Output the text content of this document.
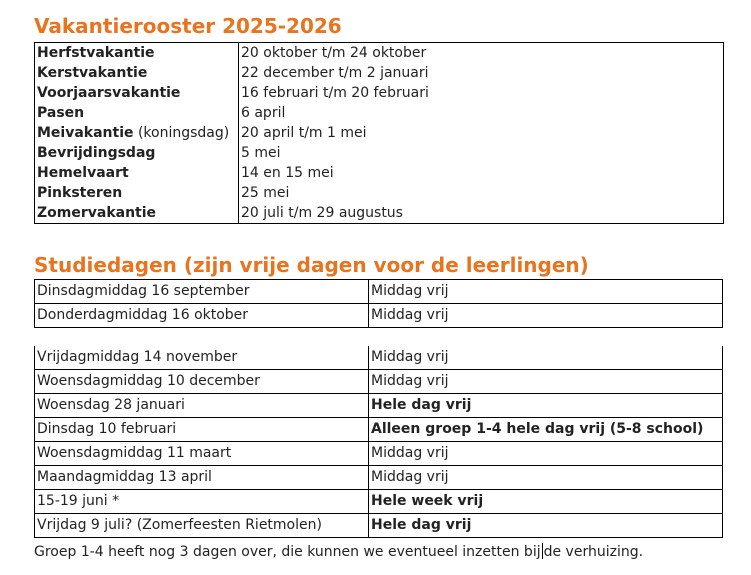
Vakantierooster 2025-2026
Herfstvakantie	20 oktober t/m 24 oktober
Kerstvakantie	22 december t/m 2 januari
Voorjaarsvakantie	16 februari t/m 20 februari
Pasen	6 april
Meivakantie (koningsdag)	20 april t/m 1 mei
Bevrijdingsdag	5 mei
Hemelvaart	14 en 15 mei
Pinksteren	25 mei
Zomervakantie	20 juli t/m 29 augustus
Studiedagen (zijn vrije dagen voor de leerlingen)
Dinsdagmiddag 16 september	Middag vrij
Donderdagmiddag 16 oktober	Middag vrij
Vrijdagmiddag 14 november	Middag vrij
Woensdagmiddag 10 december	Middag vrij
Woensdag 28 januari	Hele dag vrij
Dinsdag 10 februari	Alleen groep 1-4 hele dag vrij (5-8 school)
Woensdagmiddag 11 maart	Middag vrij
Maandagmiddag 13 april	Middag vrij
15-19 juni *	Hele week vrij
Vrijdag 9 juli? (Zomerfeesten Rietmolen)	Hele dag vrij

Groep 1-4 heeft nog 3 dagen over, die kunnen we eventueel inzetten bij de verhuizing.
